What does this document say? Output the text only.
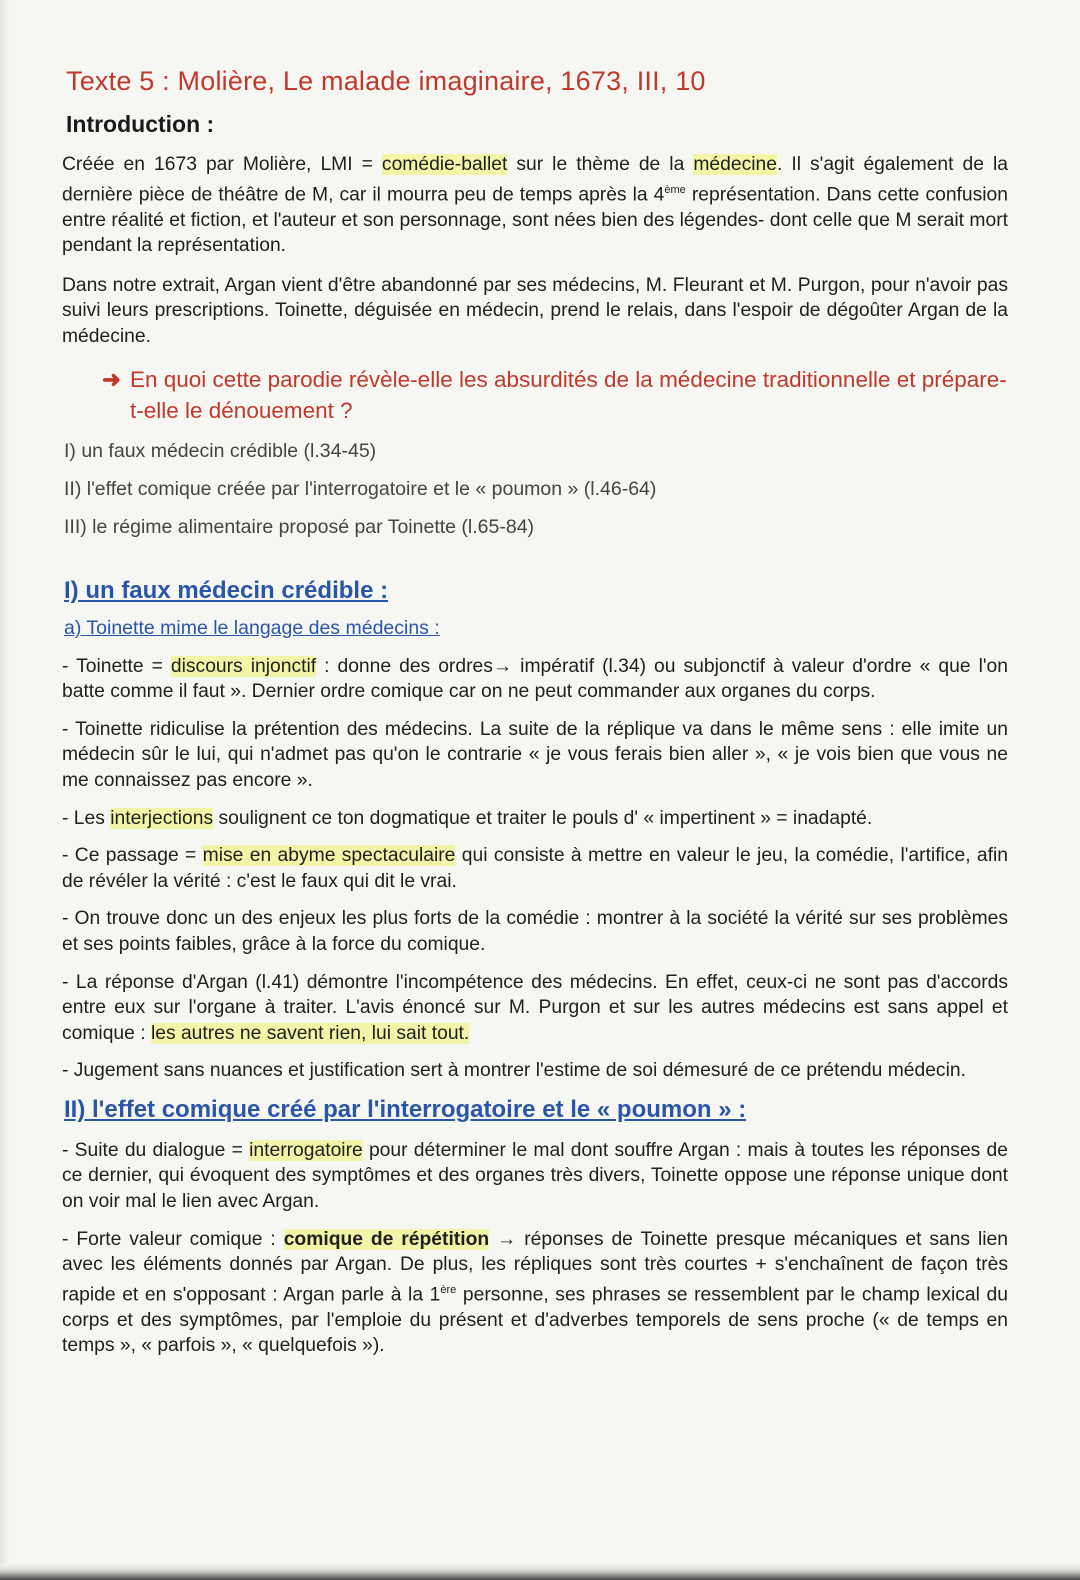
Texte 5 : Molière, Le malade imaginaire, 1673, III, 10
Introduction :

Créée en 1673 par Molière, LMI = comédie-ballet sur le thème de la médecine. Il s'agit également de la dernière pièce de théâtre de M, car il mourra peu de temps après la 4ème représentation. Dans cette confusion entre réalité et fiction, et l'auteur et son personnage, sont nées bien des légendes- dont celle que M serait mort pendant la représentation.

Dans notre extrait, Argan vient d'être abandonné par ses médecins, M. Fleurant et M. Purgon, pour n'avoir pas suivi leurs prescriptions. Toinette, déguisée en médecin, prend le relais, dans l'espoir de dégoûter Argan de la médecine.

➜ En quoi cette parodie révèle-elle les absurdités de la médecine traditionnelle et prépare-t-elle le dénouement ?
I) un faux médecin crédible (l.34-45)
II) l'effet comique créée par l'interrogatoire et le « poumon » (l.46-64)
III) le régime alimentaire proposé par Toinette (l.65-84)
I) un faux médecin crédible :
a) Toinette mime le langage des médecins :

- Toinette = discours injonctif : donne des ordres→ impératif (l.34) ou subjonctif à valeur d'ordre « que l'on batte comme il faut ». Dernier ordre comique car on ne peut commander aux organes du corps.

- Toinette ridiculise la prétention des médecins. La suite de la réplique va dans le même sens : elle imite un médecin sûr le lui, qui n'admet pas qu'on le contrarie « je vous ferais bien aller », « je vois bien que vous ne me connaissez pas encore ».

- Les interjections soulignent ce ton dogmatique et traiter le pouls d' « impertinent » = inadapté.

- Ce passage = mise en abyme spectaculaire qui consiste à mettre en valeur le jeu, la comédie, l'artifice, afin de révéler la vérité : c'est le faux qui dit le vrai.

- On trouve donc un des enjeux les plus forts de la comédie : montrer à la société la vérité sur ses problèmes et ses points faibles, grâce à la force du comique.

- La réponse d'Argan (l.41) démontre l'incompétence des médecins. En effet, ceux-ci ne sont pas d'accords entre eux sur l'organe à traiter. L'avis énoncé sur M. Purgon et sur les autres médecins est sans appel et comique : les autres ne savent rien, lui sait tout.

- Jugement sans nuances et justification sert à montrer l'estime de soi démesuré de ce prétendu médecin.

II) l'effet comique créé par l'interrogatoire et le « poumon » :

- Suite du dialogue = interrogatoire pour déterminer le mal dont souffre Argan : mais à toutes les réponses de ce dernier, qui évoquent des symptômes et des organes très divers, Toinette oppose une réponse unique dont on voir mal le lien avec Argan.

- Forte valeur comique : comique de répétition → réponses de Toinette presque mécaniques et sans lien avec les éléments donnés par Argan. De plus, les répliques sont très courtes + s'enchaînent de façon très rapide et en s'opposant : Argan parle à la 1ère personne, ses phrases se ressemblent par le champ lexical du corps et des symptômes, par l'emploie du présent et d'adverbes temporels de sens proche (« de temps en temps », « parfois », « quelquefois »).
